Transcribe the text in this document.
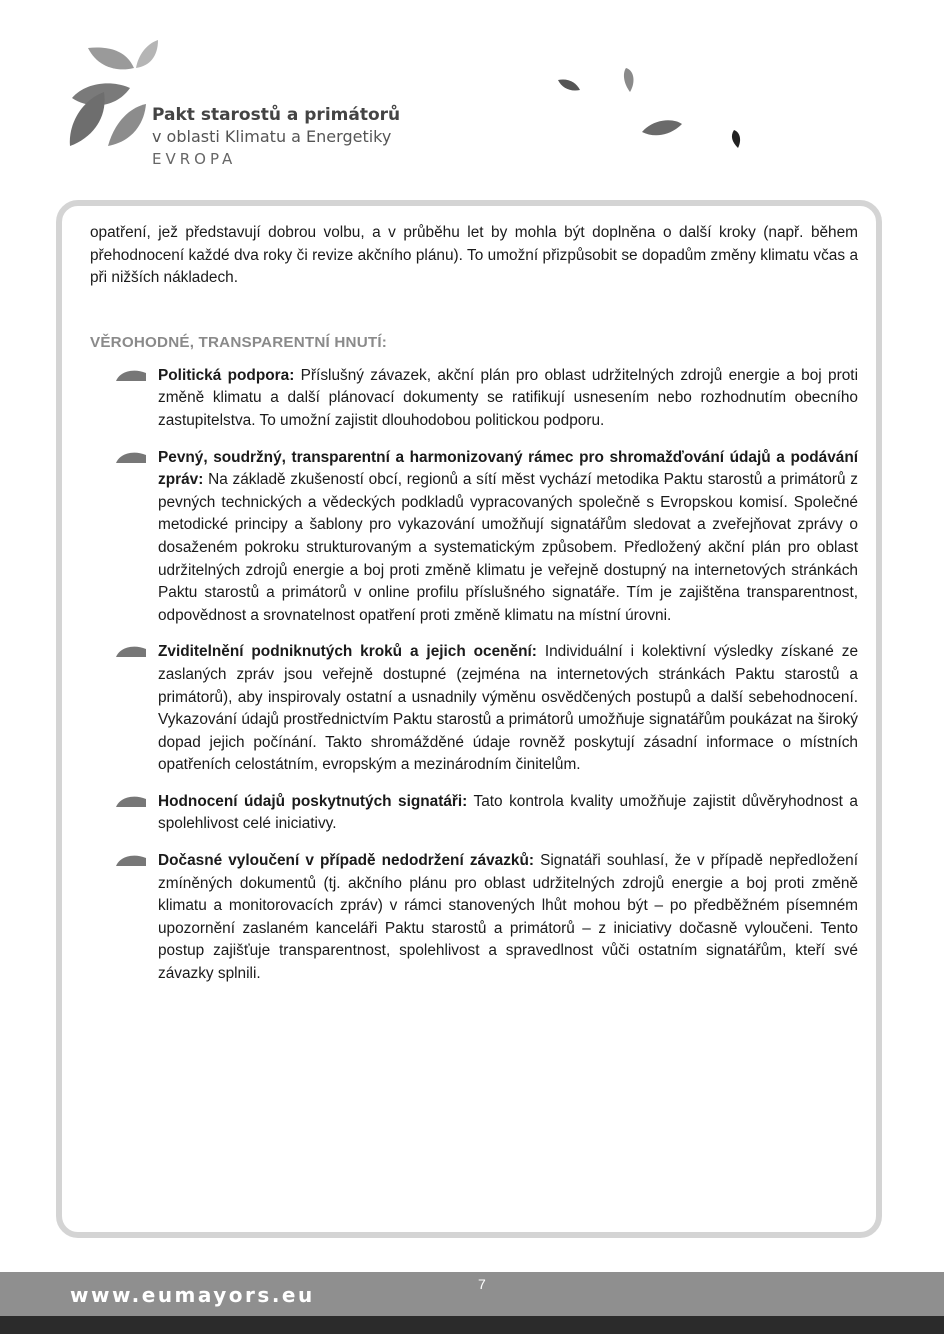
Pakt starostů a primátorů

v oblasti Klimatu a Energetiky

EVROPA

opatření, jež představují dobrou volbu, a v průběhu let by mohla být doplněna o další kroky (např. během přehodnocení každé dva roky či revize akčního plánu). To umožní přizpůsobit se dopadům změny klimatu včas a při nižších nákladech.

VĚROHODNÉ, TRANSPARENTNÍ HNUTÍ:

Politická podpora: Příslušný závazek, akční plán pro oblast udržitelných zdrojů energie a boj proti změně klimatu a další plánovací dokumenty se ratifikují usnesením nebo rozhodnutím obecního zastupitelstva. To umožní zajistit dlouhodobou politickou podporu.
Pevný, soudržný, transparentní a harmonizovaný rámec pro shromažďování údajů a podávání zpráv: Na základě zkušeností obcí, regionů a sítí měst vychází metodika Paktu starostů a primátorů z pevných technických a vědeckých podkladů vypracovaných společně s Evropskou komisí. Společné metodické principy a šablony pro vykazování umožňují signatářům sledovat a zveřejňovat zprávy o dosaženém pokroku strukturovaným a systematickým způsobem. Předložený akční plán pro oblast udržitelných zdrojů energie a boj proti změně klimatu je veřejně dostupný na internetových stránkách Paktu starostů a primátorů v online profilu příslušného signatáře. Tím je zajištěna transparentnost, odpovědnost a srovnatelnost opatření proti změně klimatu na místní úrovni.
Zviditelnění podniknutých kroků a jejich ocenění: Individuální i kolektivní výsledky získané ze zaslaných zpráv jsou veřejně dostupné (zejména na internetových stránkách Paktu starostů a primátorů), aby inspirovaly ostatní a usnadnily výměnu osvědčených postupů a další sebehodnocení. Vykazování údajů prostřednictvím Paktu starostů a primátorů umožňuje signatářům poukázat na široký dopad jejich počínání. Takto shromážděné údaje rovněž poskytují zásadní informace o místních opatřeních celostátním, evropským a mezinárodním činitelům.
Hodnocení údajů poskytnutých signatáři: Tato kontrola kvality umožňuje zajistit důvěryhodnost a spolehlivost celé iniciativy.
Dočasné vyloučení v případě nedodržení závazků: Signatáři souhlasí, že v případě nepředložení zmíněných dokumentů (tj. akčního plánu pro oblast udržitelných zdrojů energie a boj proti změně klimatu a monitorovacích zpráv) v rámci stanovených lhůt mohou být – po předběžném písemném upozornění zaslaném kanceláři Paktu starostů a primátorů – z iniciativy dočasně vyloučeni. Tento postup zajišťuje transparentnost, spolehlivost a spravedlnost vůči ostatním signatářům, kteří své závazky splnili.
www.eumayors.eu	7
